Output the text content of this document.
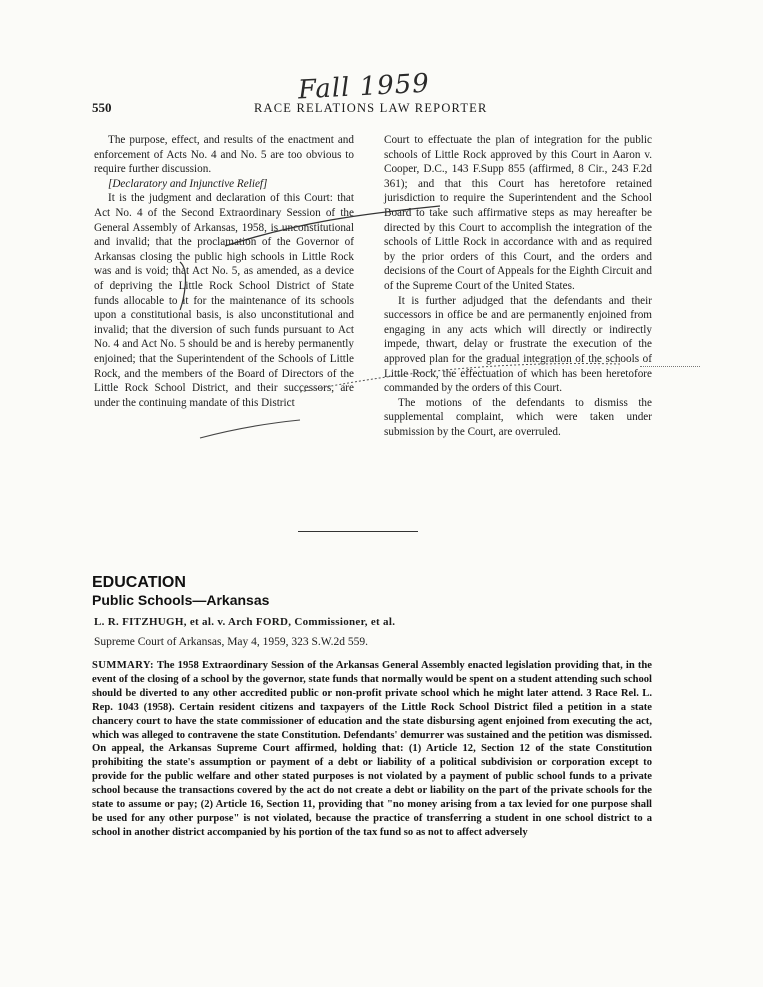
Fall 1959
550	RACE RELATIONS LAW REPORTER

The purpose, effect, and results of the enactment and enforcement of Acts No. 4 and No. 5 are too obvious to require further discussion.

[Declaratory and Injunctive Relief]

It is the judgment and declaration of this Court: that Act No. 4 of the Second Extraordinary Session of the General Assembly of Arkansas, 1958, is unconstitutional and invalid; that the proclamation of the Governor of Arkansas closing the public high schools in Little Rock was and is void; that Act No. 5, as amended, as a device of depriving the Little Rock School District of State funds allocable to it for the maintenance of its schools upon a constitutional basis, is also unconstitutional and invalid; that the diversion of such funds pursuant to Act No. 4 and Act No. 5 should be and is hereby permanently enjoined; that the Superintendent of the Schools of Little Rock, and the members of the Board of Directors of the Little Rock School District, and their successors, are under the continuing mandate of this District

Court to effectuate the plan of integration for the public schools of Little Rock approved by this Court in Aaron v. Cooper, D.C., 143 F.Supp 855 (affirmed, 8 Cir., 243 F.2d 361); and that this Court has heretofore retained jurisdiction to require the Superintendent and the School Board to take such affirmative steps as may hereafter be directed by this Court to accomplish the integration of the schools of Little Rock in accordance with and as required by the prior orders of this Court, and the orders and decisions of the Court of Appeals for the Eighth Circuit and of the Supreme Court of the United States.

It is further adjudged that the defendants and their successors in office be and are permanently enjoined from engaging in any acts which will directly or indirectly impede, thwart, delay or frustrate the execution of the approved plan for the gradual integration of the schools of Little Rock, the effectuation of which has been heretofore commanded by the orders of this Court.

The motions of the defendants to dismiss the supplemental complaint, which were taken under submission by the Court, are overruled.

EDUCATION
Public Schools—Arkansas
L. R. FITZHUGH, et al. v. Arch FORD, Commissioner, et al.
Supreme Court of Arkansas, May 4, 1959, 323 S.W.2d 559.
SUMMARY: The 1958 Extraordinary Session of the Arkansas General Assembly enacted legislation providing that, in the event of the closing of a school by the governor, state funds that normally would be spent on a student attending such school should be diverted to any other accredited public or non-profit private school which he might later attend. 3 Race Rel. L. Rep. 1043 (1958). Certain resident citizens and taxpayers of the Little Rock School District filed a petition in a state chancery court to have the state commissioner of education and the state disbursing agent enjoined from executing the act, which was alleged to contravene the state Constitution. Defendants' demurrer was sustained and the petition was dismissed. On appeal, the Arkansas Supreme Court affirmed, holding that: (1) Article 12, Section 12 of the state Constitution prohibiting the state's assumption or payment of a debt or liability of a political subdivision or corporation except to provide for the public welfare and other stated purposes is not violated by a payment of public school funds to a private school because the transactions covered by the act do not create a debt or liability on the part of the private schools for the state to assume or pay; (2) Article 16, Section 11, providing that "no money arising from a tax levied for one purpose shall be used for any other purpose" is not violated, because the practice of transferring a student in one school district to a school in another district accompanied by his portion of the tax fund so as not to affect adversely
